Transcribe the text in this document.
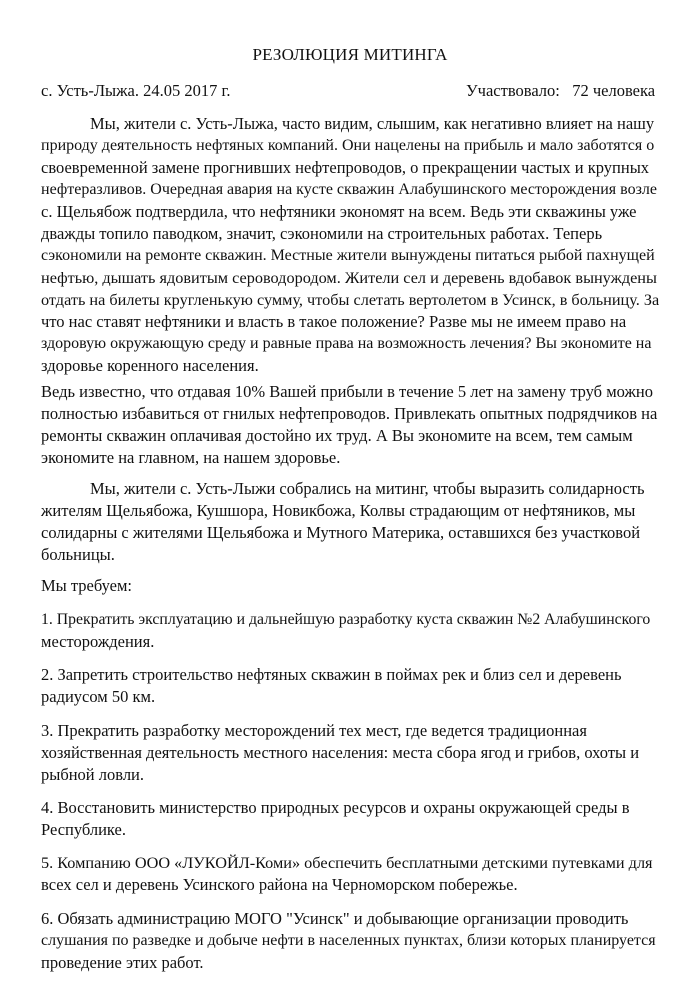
РЕЗОЛЮЦИЯ МИТИНГА
с. Усть-Лыжа. 24.05 2017 г.	Участвовало:   72 человека

Мы, жители с. Усть-Лыжа, часто видим, слышим, как негативно влияет на нашу
природу деятельность нефтяных компаний. Они нацелены на прибыль и мало заботятся о
своевременной замене прогнивших нефтепроводов, о прекращении частых и крупных
нефтеразливов. Очередная авария на кусте скважин Алабушинского месторождения возле
с. Щельябож подтвердила, что нефтяники экономят на всем. Ведь эти скважины уже
дважды топило паводком, значит, сэкономили на строительных работах. Теперь
сэкономили на ремонте скважин. Местные жители вынуждены питаться рыбой пахнущей
нефтью, дышать ядовитым сероводородом. Жители сел и деревень вдобавок вынуждены
отдать на билеты кругленькую сумму, чтобы слетать вертолетом в Усинск, в больницу. За
что нас ставят нефтяники и власть в такое положение? Разве мы не имеем право на
здоровую окружающую среду и равные права на возможность лечения? Вы экономите на
здоровье коренного населения.

Ведь известно, что отдавая 10% Вашей прибыли в течение 5 лет на замену труб можно
полностью избавиться от гнилых нефтепроводов. Привлекать опытных подрядчиков на
ремонты скважин оплачивая достойно их труд. А Вы экономите на всем, тем самым
экономите на главном, на нашем здоровье.

Мы, жители с. Усть-Лыжи собрались на митинг, чтобы выразить солидарность
жителям Щельябожа, Кушшора, Новикбожа, Колвы страдающим от нефтяников, мы
солидарны с жителями Щельябожа и Мутного Материка, оставшихся без участковой
больницы.

Мы требуем:

1. Прекратить эксплуатацию и дальнейшую разработку куста скважин №2 Алабушинского
месторождения.

2. Запретить строительство нефтяных скважин в поймах рек и близ сел и деревень
радиусом 50 км.

3. Прекратить разработку месторождений тех мест, где ведется традиционная
хозяйственная деятельность местного населения: места сбора ягод и грибов, охоты и
рыбной ловли.

4. Восстановить министерство природных ресурсов и охраны окружающей среды в
Республике.

5. Компанию ООО «ЛУКОЙЛ-Коми» обеспечить бесплатными детскими путевками для
всех сел и деревень Усинского района на Черноморском побережье.

6. Обязать администрацию МОГО "Усинск" и добывающие организации проводить
слушания по разведке и добыче нефти в населенных пунктах, близи которых планируется
проведение этих работ.
